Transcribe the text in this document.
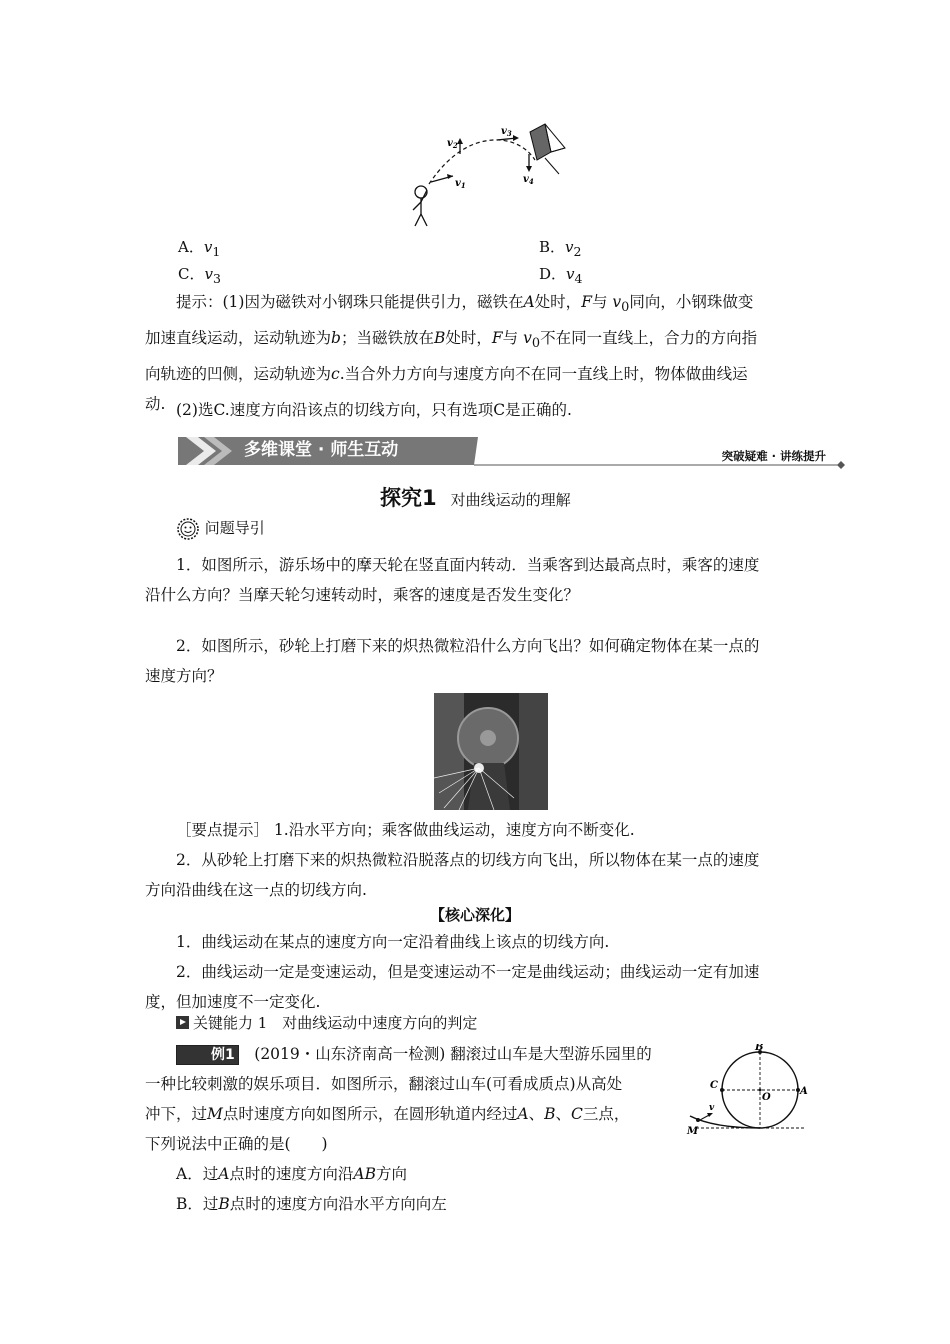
$v_1$
$v_2$
$v_3$
$v_4$
A．$v_1$	B．$v_2$
C．$v_3$	D．$v_4$
提示：(1)因为磁铁对小钢珠只能提供引力，磁铁在A处时，F与 $v_0$同向，小钢珠做变
加速直线运动，运动轨迹为b；当磁铁放在B处时，F与 $v_0$不在同一直线上，合力的方向指
向轨迹的凹侧，运动轨迹为c.当合外力方向与速度方向不在同一直线上时，物体做曲线运
动. (2)选C.速度方向沿该点的切线方向，只有选项C是正确的.
多维课堂 · 师生互动	突破疑难 · 讲练提升
探究1 对曲线运动的理解
问题导引
1．如图所示，游乐场中的摩天轮在竖直面内转动．当乘客到达最高点时，乘客的速度
沿什么方向？当摩天轮匀速转动时，乘客的速度是否发生变化？
2．如图所示，砂轮上打磨下来的炽热微粒沿什么方向飞出？如何确定物体在某一点的
速度方向？
［要点提示］ 1.沿水平方向；乘客做曲线运动，速度方向不断变化.
2．从砂轮上打磨下来的炽热微粒沿脱落点的切线方向飞出，所以物体在某一点的速度
方向沿曲线在这一点的切线方向.
【核心深化】
1．曲线运动在某点的速度方向一定沿着曲线上该点的切线方向.
2．曲线运动一定是变速运动，但是变速运动不一定是曲线运动；曲线运动一定有加速
度，但加速度不一定变化.
关键能力 1　对曲线运动中速度方向的判定
例1　 (2019・山东济南高一检测) 翻滚过山车是大型游乐园里的
一种比较刺激的娱乐项目．如图所示，翻滚过山车(可看成质点)从高处
冲下，过M点时速度方向如图所示，在圆形轨道内经过A、B、C三点，
下列说法中正确的是(　　)
A．过A点时的速度方向沿AB方向
B．过B点时的速度方向沿水平方向向左
B
C
A
O
M
v
